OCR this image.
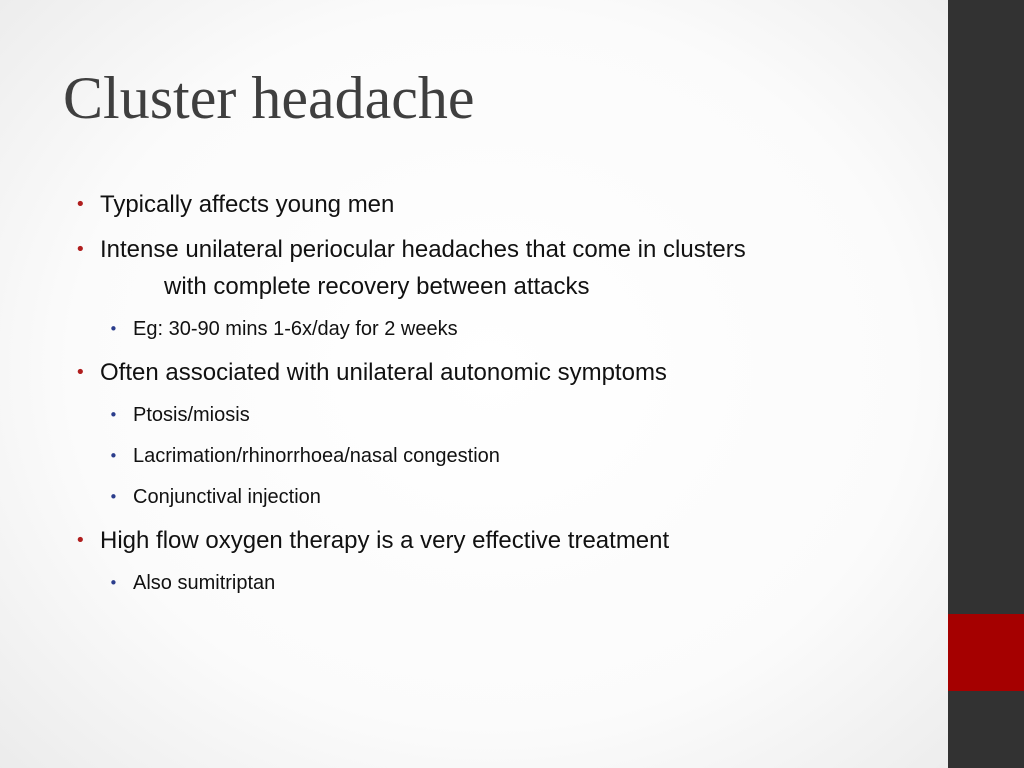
Cluster headache
• Typically affects young men
• Intense unilateral periocular headaches that come in clusters
with complete recovery between attacks
• Eg: 30-90 mins 1-6x/day for 2 weeks
• Often associated with unilateral autonomic symptoms
• Ptosis/miosis
• Lacrimation/rhinorrhoea/nasal congestion
• Conjunctival injection
• High flow oxygen therapy is a very effective treatment
• Also sumitriptan
